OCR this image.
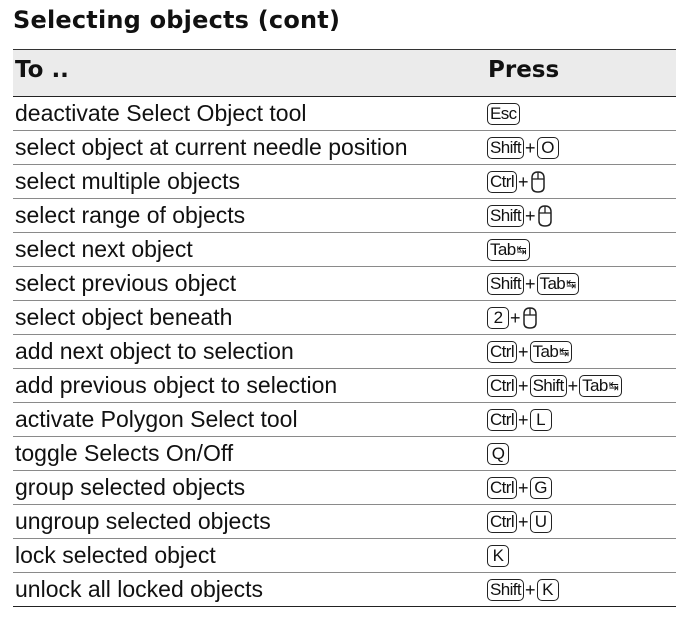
Selecting objects (cont)
To ..	Press
deactivate Select Object tool	Esc
select object at current needle position	Shift + O
select multiple objects	Ctrl +
select range of objects	Shift +
select next object	Tab ↹
select previous object	Shift + Tab ↹
select object beneath	2 +
add next object to selection	Ctrl + Tab ↹
add previous object to selection	Ctrl + Shift + Tab ↹
activate Polygon Select tool	Ctrl + L
toggle Selects On/Off	Q
group selected objects	Ctrl + G
ungroup selected objects	Ctrl + U
lock selected object	K
unlock all locked objects	Shift + K
